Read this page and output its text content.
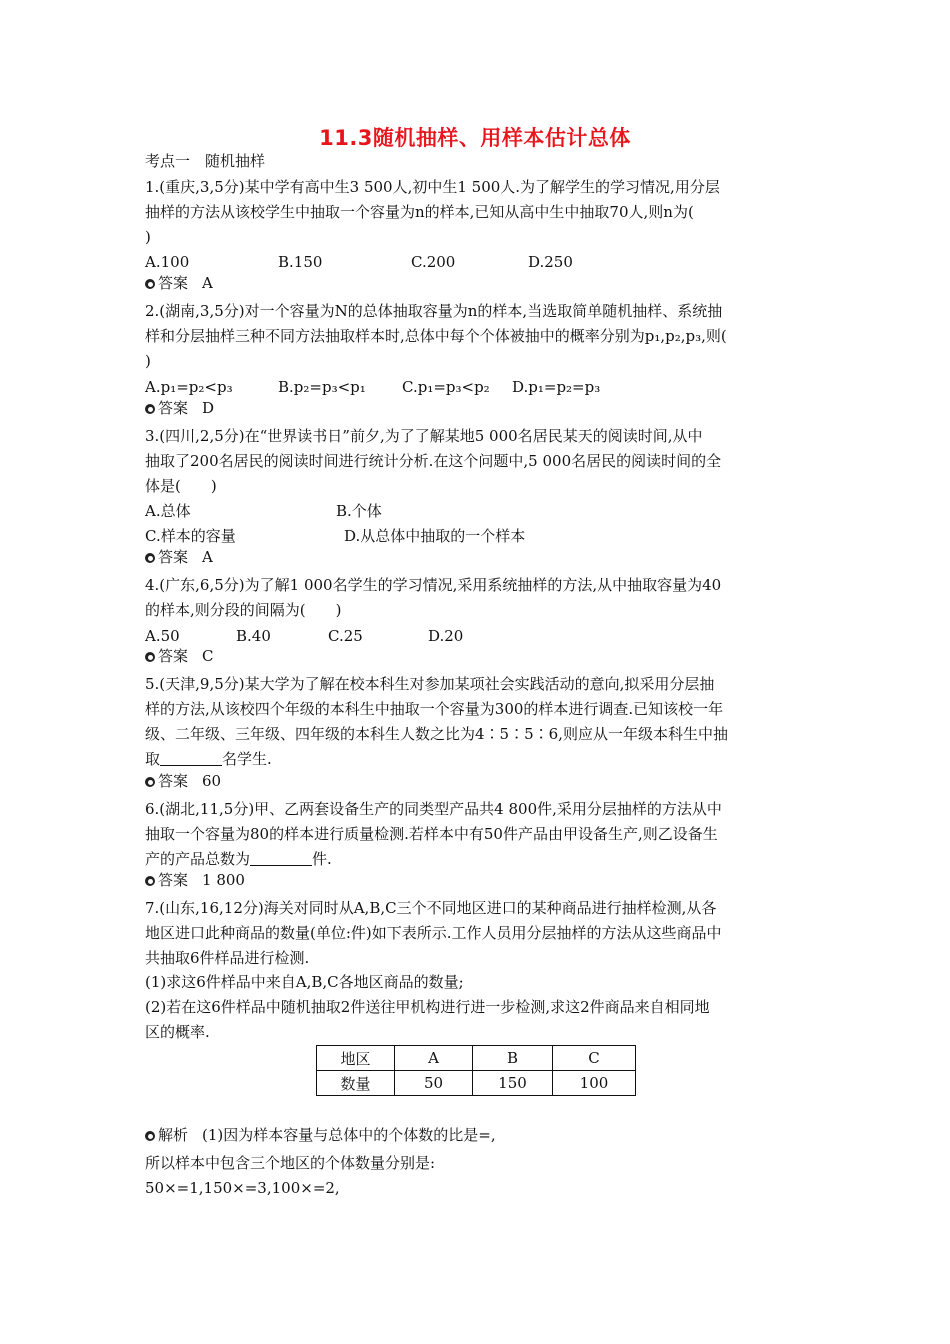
11.3随机抽样、用样本估计总体
考点一　随机抽样
1.(重庆,3,5分)某中学有高中生3 500人,初中生1 500人.为了解学生的学习情况,用分层
抽样的方法从该校学生中抽取一个容量为n的样本,已知从高中生中抽取70人,则n为(
)
A.100	B.150	C.200	D.250
答案 A
2.(湖南,3,5分)对一个容量为N的总体抽取容量为n的样本,当选取简单随机抽样、系统抽
样和分层抽样三种不同方法抽取样本时,总体中每个个体被抽中的概率分别为p₁,p₂,p₃,则(
)
A.p₁=p₂<p₃	B.p₂=p₃<p₁ C.p₁=p₃<p₂ D.p₁=p₂=p₃
答案 D
3.(四川,2,5分)在“世界读书日”前夕,为了了解某地5 000名居民某天的阅读时间,从中
抽取了200名居民的阅读时间进行统计分析.在这个问题中,5 000名居民的阅读时间的全
体是(　　)
A.总体	B.个体
C.样本的容量	D.从总体中抽取的一个样本
答案 A
4.(广东,6,5分)为了解1 000名学生的学习情况,采用系统抽样的方法,从中抽取容量为40
的样本,则分段的间隔为(　　)
A.50	B.40	C.25	D.20
答案 C
5.(天津,9,5分)某大学为了解在校本科生对参加某项社会实践活动的意向,拟采用分层抽
样的方法,从该校四个年级的本科生中抽取一个容量为300的样本进行调查.已知该校一年
级、二年级、三年级、四年级的本科生人数之比为4∶5∶5∶6,则应从一年级本科生中抽
取	名学生.
答案 60
6.(湖北,11,5分)甲、乙两套设备生产的同类型产品共4 800件,采用分层抽样的方法从中
抽取一个容量为80的样本进行质量检测.若样本中有50件产品由甲设备生产,则乙设备生
产的产品总数为	件.
答案 1 800
7.(山东,16,12分)海关对同时从A,B,C三个不同地区进口的某种商品进行抽样检测,从各
地区进口此种商品的数量(单位:件)如下表所示.工作人员用分层抽样的方法从这些商品中
共抽取6件样品进行检测.
(1)求这6件样品中来自A,B,C各地区商品的数量;
(2)若在这6件样品中随机抽取2件送往甲机构进行进一步检测,求这2件商品来自相同地
区的概率.
地区	A	B	C
数量	50	150	100
解析 (1)因为样本容量与总体中的个体数的比是=,
所以样本中包含三个地区的个体数量分别是:
50×=1,150×=3,100×=2,
